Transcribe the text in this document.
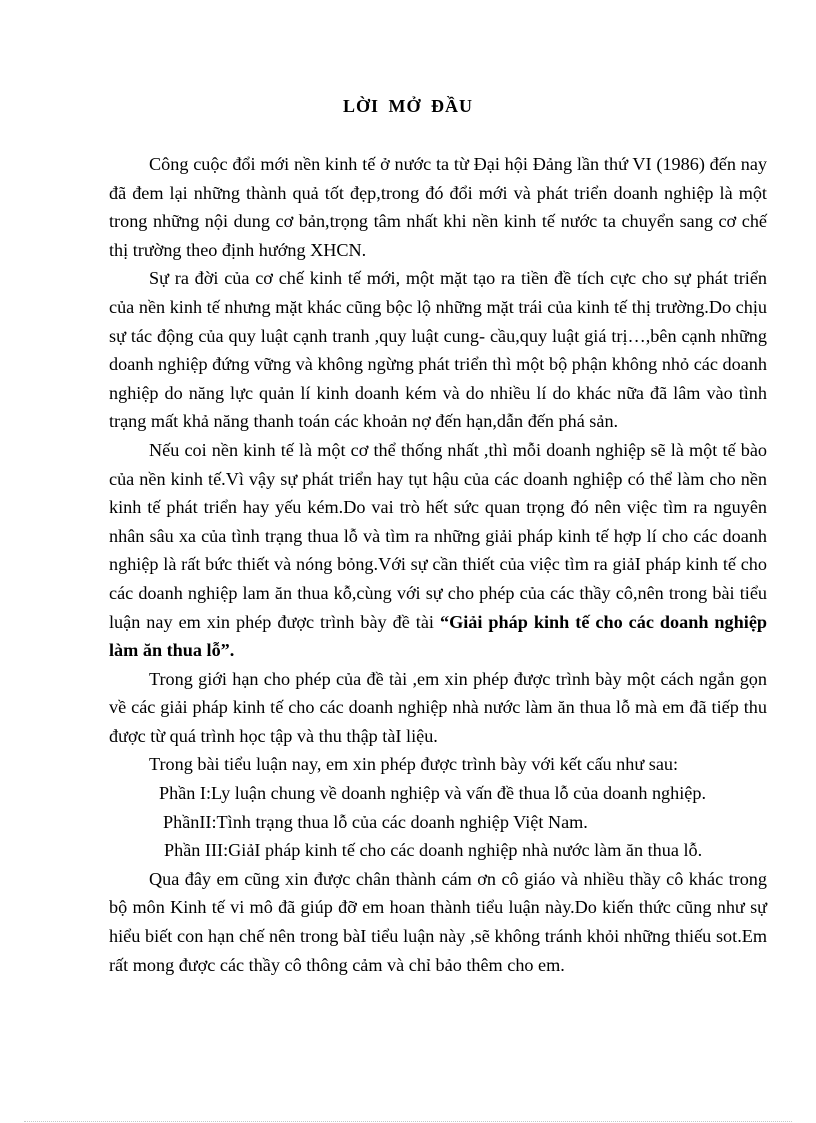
LỜI MỞ ĐẦU

Công cuộc đổi mới nền kinh tế ở nước ta từ Đại hội Đảng lần thứ VI (1986) đến nay đã đem lại những thành quả tốt đẹp,trong đó đổi mới và phát triển doanh nghiệp là một trong những nội dung cơ bản,trọng tâm nhất khi nền kinh tế nước ta chuyển sang cơ chế thị trường theo định hướng XHCN.

Sự ra đời của cơ chế kinh tế mới, một mặt tạo ra tiền đề tích cực cho sự phát triển của nền kinh tế nhưng mặt khác cũng bộc lộ những mặt trái của kinh tế thị trường.Do chịu sự tác động của quy luật cạnh tranh ,quy luật cung- cầu,quy luật giá trị…,bên cạnh những doanh nghiệp đứng vững và không ngừng phát triển thì một bộ phận không nhỏ các doanh nghiệp do năng lực quản lí kinh doanh kém và do nhiều lí do khác nữa đã lâm vào tình trạng mất khả năng thanh toán các khoản nợ đến hạn,dẫn đến phá sản.

Nếu coi nền kinh tế là một cơ thể thống nhất ,thì mỗi doanh nghiệp sẽ là một tế bào của nền kinh tế.Vì vậy sự phát triển hay tụt hậu của các doanh nghiệp có thể làm cho nền kinh tế phát triển hay yếu kém.Do vai trò hết sức quan trọng đó nên việc tìm ra nguyên nhân sâu xa của tình trạng thua lỗ và tìm ra những giải pháp kinh tế hợp lí cho các doanh nghiệp là rất bức thiết và nóng bỏng.Với sự cần thiết của việc tìm ra giảI pháp kinh tế cho các doanh nghiệp lam ăn thua kỗ,cùng với sự cho phép của các thầy cô,nên trong bài tiểu luận nay em xin phép được trình bày đề tài “Giải pháp kinh tế cho các doanh nghiệp làm ăn thua lỗ”.

Trong giới hạn cho phép của đề tài ,em xin phép được trình bày một cách ngắn gọn về các giải pháp kinh tế cho các doanh nghiệp nhà nước làm ăn thua lỗ mà em đã tiếp thu được từ quá trình học tập và thu thập tàI liệu.

Trong bài tiểu luận nay, em xin phép được trình bày với kết cấu như sau:

Phần I:Ly luận chung về doanh nghiệp và vấn đề thua lỗ của doanh nghiệp.

PhầnII:Tình trạng thua lỗ của các doanh nghiệp Việt Nam.

Phần III:GiảI pháp kinh tế cho các doanh nghiệp nhà nước làm ăn thua lỗ.

Qua đây em cũng xin được chân thành cám ơn cô giáo và nhiều thầy cô khác trong bộ môn Kinh tế vi mô đã giúp đỡ em hoan thành tiểu luận này.Do kiến thức cũng như sự hiểu biết con hạn chế nên trong bàI tiểu luận này ,sẽ không tránh khỏi những thiếu sot.Em rất mong được các thầy cô thông cảm và chỉ bảo thêm cho em.
